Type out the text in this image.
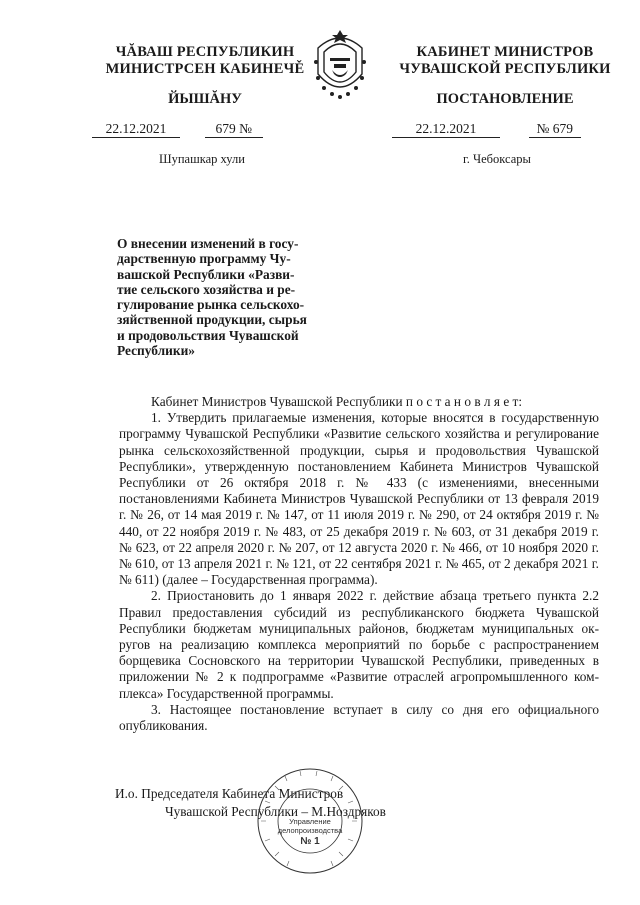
ЧĂВАШ РЕСПУБЛИКИН
МИНИСТРСЕН КАБИНЕЧĚ
ЙЫШĂНУ
КАБИНЕТ МИНИСТРОВ
ЧУВАШСКОЙ РЕСПУБЛИКИ
ПОСТАНОВЛЕНИЕ
22.12.2021	679 №	22.12.2021	№ 679
Шупашкар хули	г. Чебоксары
О внесении изменений в госу-
дарственную программу Чу-
вашской Республики «Разви-
тие сельского хозяйства и ре-
гулирование рынка сельскохо-
зяйственной продукции, сырья
и продовольствия Чувашской
Республики»

Кабинет Министров Чувашской Республики п о с т а н о в л я е т:

1. Утвердить прилагаемые изменения, которые вносятся в государственную программу Чувашской Республики «Развитие сельского хозяйства и регулирование рынка сельскохозяйственной продукции, сырья и продовольствия Чувашской Республики», утвержденную постановлением Кабинета Министров Чувашской Республики от 26 октября 2018 г. № 433 (с изменениями, внесенными постановлениями Кабинета Министров Чувашской Республики от 13 февраля 2019 г. № 26, от 14 мая 2019 г. № 147, от 11 июля 2019 г. № 290, от 24 октября 2019 г. № 440, от 22 ноября 2019 г. № 483, от 25 декабря 2019 г. № 603, от 31 декабря 2019 г. № 623, от 22 апреля 2020 г. № 207, от 12 августа 2020 г. № 466, от 10 ноября 2020 г. № 610, от 13 апреля 2021 г. № 121, от 22 сентября 2021 г. № 465, от 2 декабря 2021 г. № 611) (далее – Государственная программа).

2. Приостановить до 1 января 2022 г. действие абзаца третьего пункта 2.2 Правил предоставления субсидий из республиканского бюджета Чувашской Республики бюджетам муниципальных районов, бюджетам муниципальных округов на реализацию комплекса мероприятий по борьбе с распространением борщевика Сосновского на территории Чувашской Республики, приведенных в приложении № 2 к подпрограмме «Развитие отраслей агропромышленного комплекса» Государственной программы.

3. Настоящее постановление вступает в силу со дня его официального опубликования.

И.о. Председателя Кабинета Министров
Чувашской Республики – М.Ноздряков
Управление
делопроизводства
№ 1
